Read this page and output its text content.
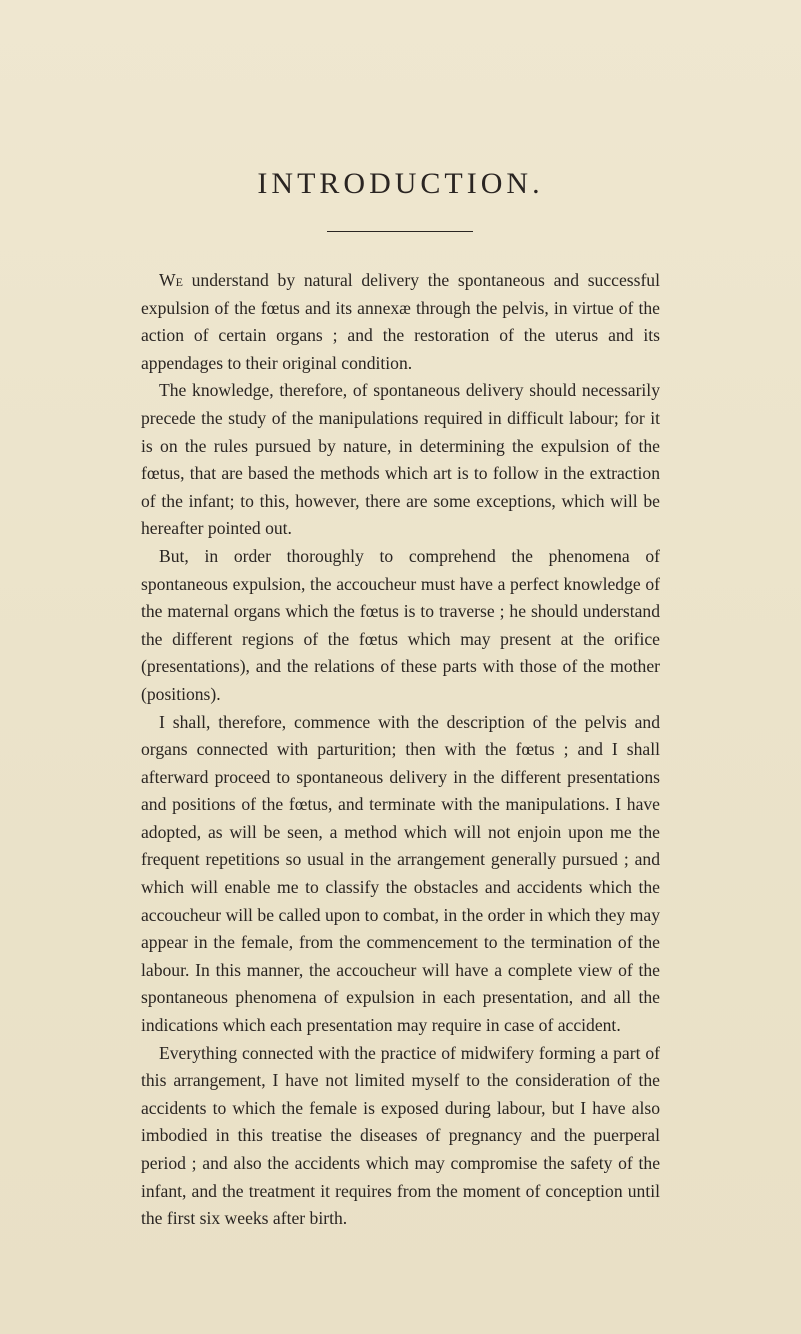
INTRODUCTION.

We understand by natural delivery the spontaneous and successful expulsion of the fœtus and its annexæ through the pelvis, in virtue of the action of certain organs ; and the restoration of the uterus and its appendages to their original condition.

The knowledge, therefore, of spontaneous delivery should necessarily precede the study of the manipulations required in difficult labour; for it is on the rules pursued by nature, in determining the expulsion of the fœtus, that are based the methods which art is to follow in the extraction of the infant; to this, however, there are some exceptions, which will be hereafter pointed out.

But, in order thoroughly to comprehend the phenomena of spontaneous expulsion, the accoucheur must have a perfect knowledge of the maternal organs which the fœtus is to traverse ; he should understand the different regions of the fœtus which may present at the orifice (presentations), and the relations of these parts with those of the mother (positions).

I shall, therefore, commence with the description of the pelvis and organs connected with parturition; then with the fœtus ; and I shall afterward proceed to spontaneous delivery in the different presentations and positions of the fœtus, and terminate with the manipulations. I have adopted, as will be seen, a method which will not enjoin upon me the frequent repetitions so usual in the arrangement generally pursued ; and which will enable me to classify the obstacles and accidents which the accoucheur will be called upon to combat, in the order in which they may appear in the female, from the commencement to the termination of the labour. In this manner, the accoucheur will have a complete view of the spontaneous phenomena of expulsion in each presentation, and all the indications which each presentation may require in case of accident.

Everything connected with the practice of midwifery forming a part of this arrangement, I have not limited myself to the consideration of the accidents to which the female is exposed during labour, but I have also imbodied in this treatise the diseases of pregnancy and the puerperal period ; and also the accidents which may compromise the safety of the infant, and the treatment it requires from the moment of conception until the first six weeks after birth.
